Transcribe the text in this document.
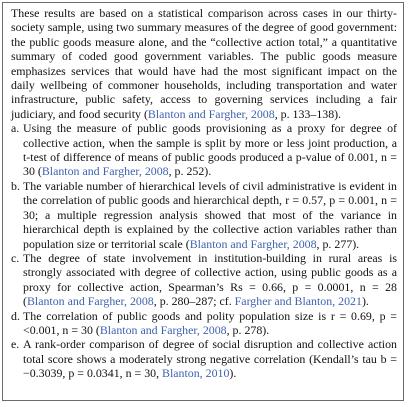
These results are based on a statistical comparison across cases in our thirty-society sample, using two summary measures of the degree of good government: the public goods measure alone, and the “collective action total,” a quantitative summary of coded good government variables. The public goods measure emphasizes services that would have had the most significant impact on the daily wellbeing of commoner households, including transportation and water infrastructure, public safety, access to governing services including a fair judiciary, and food security (Blanton and Fargher, 2008, p. 133–138).

a. Using the measure of public goods provisioning as a proxy for degree of collective action, when the sample is split by more or less joint production, a t-test of difference of means of public goods produced a p-value of 0.001, n = 30 (Blanton and Fargher, 2008, p. 252).
b. The variable number of hierarchical levels of civil administrative is evident in the correlation of public goods and hierarchical depth, r = 0.57, p = 0.001, n = 30; a multiple regression analysis showed that most of the variance in hierarchical depth is explained by the collective action variables rather than population size or territorial scale (Blanton and Fargher, 2008, p. 277).
c. The degree of state involvement in institution-building in rural areas is strongly associated with degree of collective action, using public goods as a proxy for collective action, Spearman’s Rs = 0.66, p = 0.0001, n = 28 (Blanton and Fargher, 2008, p. 280–287; cf. Fargher and Blanton, 2021).
d. The correlation of public goods and polity population size is r = 0.69, p = <0.001, n = 30 (Blanton and Fargher, 2008, p. 278).
e. A rank-order comparison of degree of social disruption and collective action total score shows a moderately strong negative correlation (Kendall’s tau b = −0.3039, p = 0.0341, n = 30, Blanton, 2010).
